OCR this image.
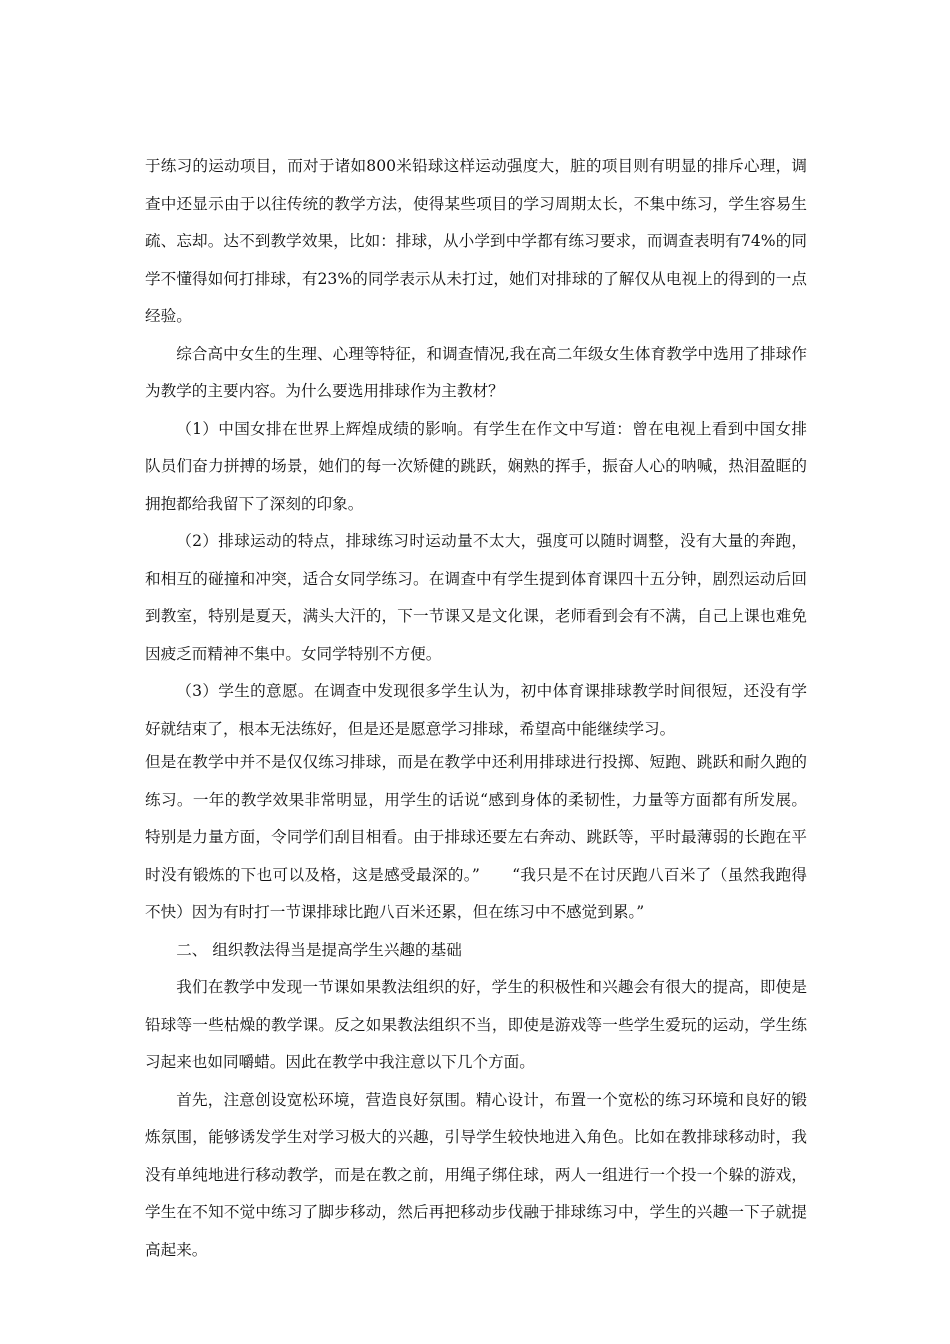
于练习的运动项目，而对于诸如800米铅球这样运动强度大，脏的项目则有明显的排斥心理，调查中还显示由于以往传统的教学方法，使得某些项目的学习周期太长，不集中练习，学生容易生疏、忘却。达不到教学效果，比如：排球，从小学到中学都有练习要求，而调查表明有74%的同学不懂得如何打排球，有23%的同学表示从未打过，她们对排球的了解仅从电视上的得到的一点经验。

综合高中女生的生理、心理等特征，和调查情况,我在高二年级女生体育教学中选用了排球作为教学的主要内容。为什么要选用排球作为主教材？

（1）中国女排在世界上辉煌成绩的影响。有学生在作文中写道：曾在电视上看到中国女排队员们奋力拼搏的场景，她们的每一次矫健的跳跃，娴熟的挥手，振奋人心的呐喊，热泪盈眶的拥抱都给我留下了深刻的印象。

（2）排球运动的特点，排球练习时运动量不太大，强度可以随时调整，没有大量的奔跑，和相互的碰撞和冲突，适合女同学练习。在调查中有学生提到体育课四十五分钟，剧烈运动后回到教室，特别是夏天，满头大汗的，下一节课又是文化课，老师看到会有不满，自己上课也难免因疲乏而精神不集中。女同学特别不方便。

（3）学生的意愿。在调查中发现很多学生认为，初中体育课排球教学时间很短，还没有学好就结束了，根本无法练好，但是还是愿意学习排球，希望高中能继续学习。

但是在教学中并不是仅仅练习排球，而是在教学中还利用排球进行投掷、短跑、跳跃和耐久跑的练习。一年的教学效果非常明显，用学生的话说“感到身体的柔韧性，力量等方面都有所发展。特别是力量方面，令同学们刮目相看。由于排球还要左右奔动、跳跃等，平时最薄弱的长跑在平时没有锻炼的下也可以及格，这是感受最深的。”　　“我只是不在讨厌跑八百米了（虽然我跑得不快）因为有时打一节课排球比跑八百米还累，但在练习中不感觉到累。”

二、 组织教法得当是提高学生兴趣的基础

我们在教学中发现一节课如果教法组织的好，学生的积极性和兴趣会有很大的提高，即使是铅球等一些枯燥的教学课。反之如果教法组织不当，即使是游戏等一些学生爱玩的运动，学生练习起来也如同嚼蜡。因此在教学中我注意以下几个方面。

首先，注意创设宽松环境，营造良好氛围。精心设计，布置一个宽松的练习环境和良好的锻炼氛围，能够诱发学生对学习极大的兴趣，引导学生较快地进入角色。比如在教排球移动时，我没有单纯地进行移动教学，而是在教之前，用绳子绑住球，两人一组进行一个投一个躲的游戏，学生在不知不觉中练习了脚步移动，然后再把移动步伐融于排球练习中，学生的兴趣一下子就提高起来。
